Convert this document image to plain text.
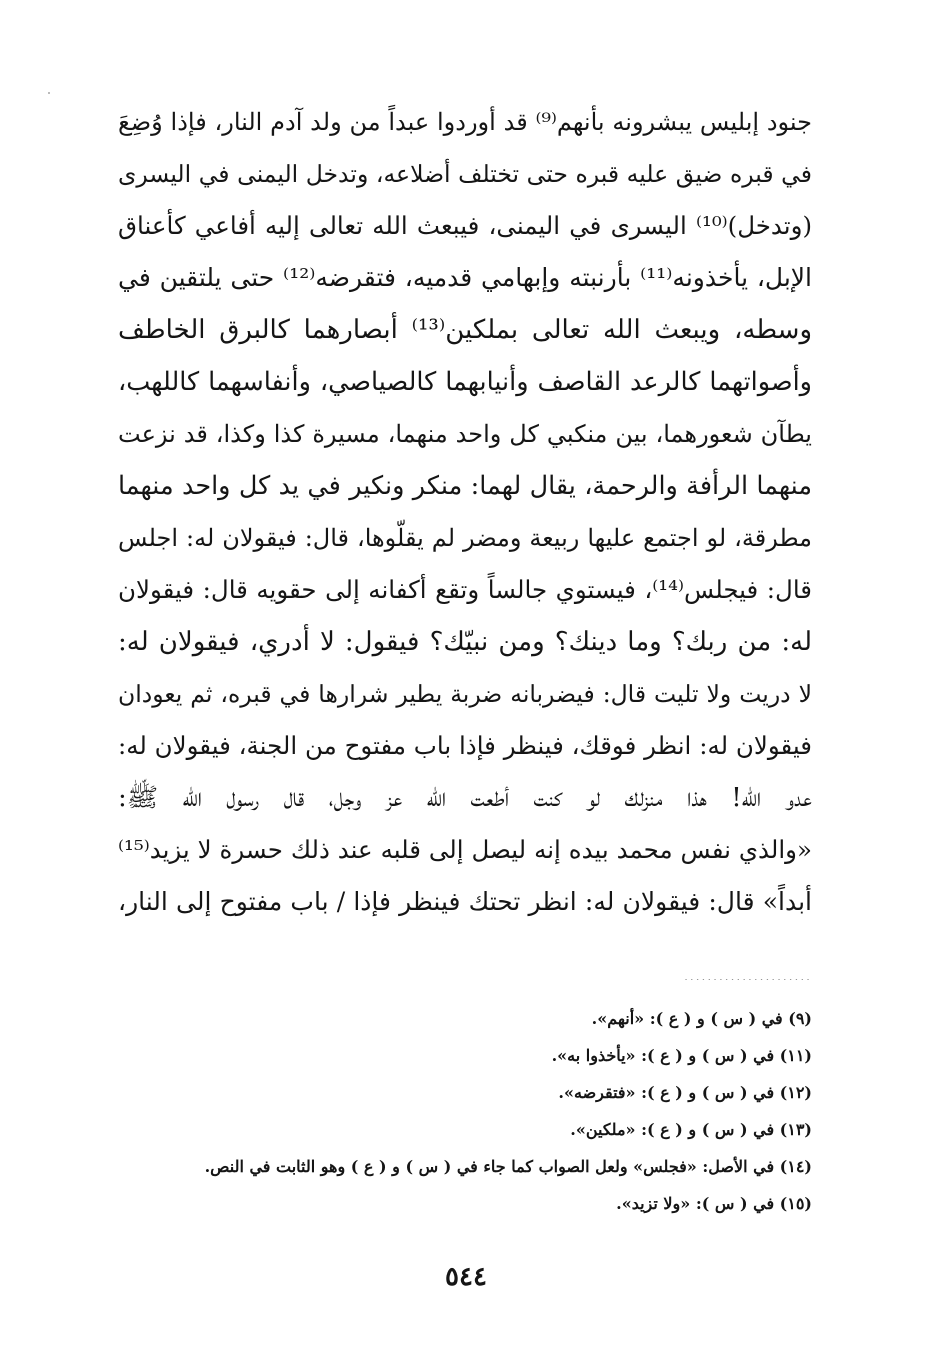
جنود إبليس يبشرونه بأنهم⁽⁹⁾ قد أوردوا عبداً من ولد آدم النار، فإذا وُضِعَ
في قبره ضيق عليه قبره حتى تختلف أضلاعه، وتدخل اليمنى في اليسرى
(وتدخل)⁽¹⁰⁾ اليسرى في اليمنى، فيبعث الله تعالى إليه أفاعي كأعناق
الإبل، يأخذونه⁽¹¹⁾ بأرنبته وإبهامي قدميه، فتقرضه⁽¹²⁾ حتى يلتقين في
وسطه، ويبعث الله تعالى بملكين⁽¹³⁾ أبصارهما كالبرق الخاطف
وأصواتهما كالرعد القاصف وأنيابهما كالصياصي، وأنفاسهما كاللهب،
يطآن شعورهما، بين منكبي كل واحد منهما، مسيرة كذا وكذا، قد نزعت
منهما الرأفة والرحمة، يقال لهما: منكر ونكير في يد كل واحد منهما
مطرقة، لو اجتمع عليها ربيعة ومضر لم يقلّوها، قال: فيقولان له: اجلس
قال: فيجلس⁽¹⁴⁾، فيستوي جالساً وتقع أكفانه إلى حقويه قال: فيقولان
له: من ربك؟ وما دينك؟ ومن نبيّك؟ فيقول: لا أدري، فيقولان له:
لا دريت ولا تليت قال: فيضربانه ضربة يطير شرارها في قبره، ثم يعودان
فيقولان له: انظر فوقك، فينظر فإذا باب مفتوح من الجنة، فيقولان له:
عدو الله! هذا منزلك لو كنت أطعت الله عز وجل، قال رسول الله ﷺ:
«والذي نفس محمد بيده إنه ليصل إلى قلبه عند ذلك حسرة لا يزيد⁽¹⁵⁾
أبداً» قال: فيقولان له: انظر تحتك فينظر فإذا / باب مفتوح إلى النار،
......................
(٩) في ( س ) و ( ع ): «أنهم».
(١١) في ( س ) و ( ع ): «يأخذوا به».
(١٢) في ( س ) و ( ع ): «فتقرضه».
(١٣) في ( س ) و ( ع ): «ملكين».
(١٤) في الأصل: «فجلس» ولعل الصواب كما جاء في ( س ) و ( ع ) وهو الثابت في النص.
(١٥) في ( س ): «ولا تزيد».
٥٤٤
